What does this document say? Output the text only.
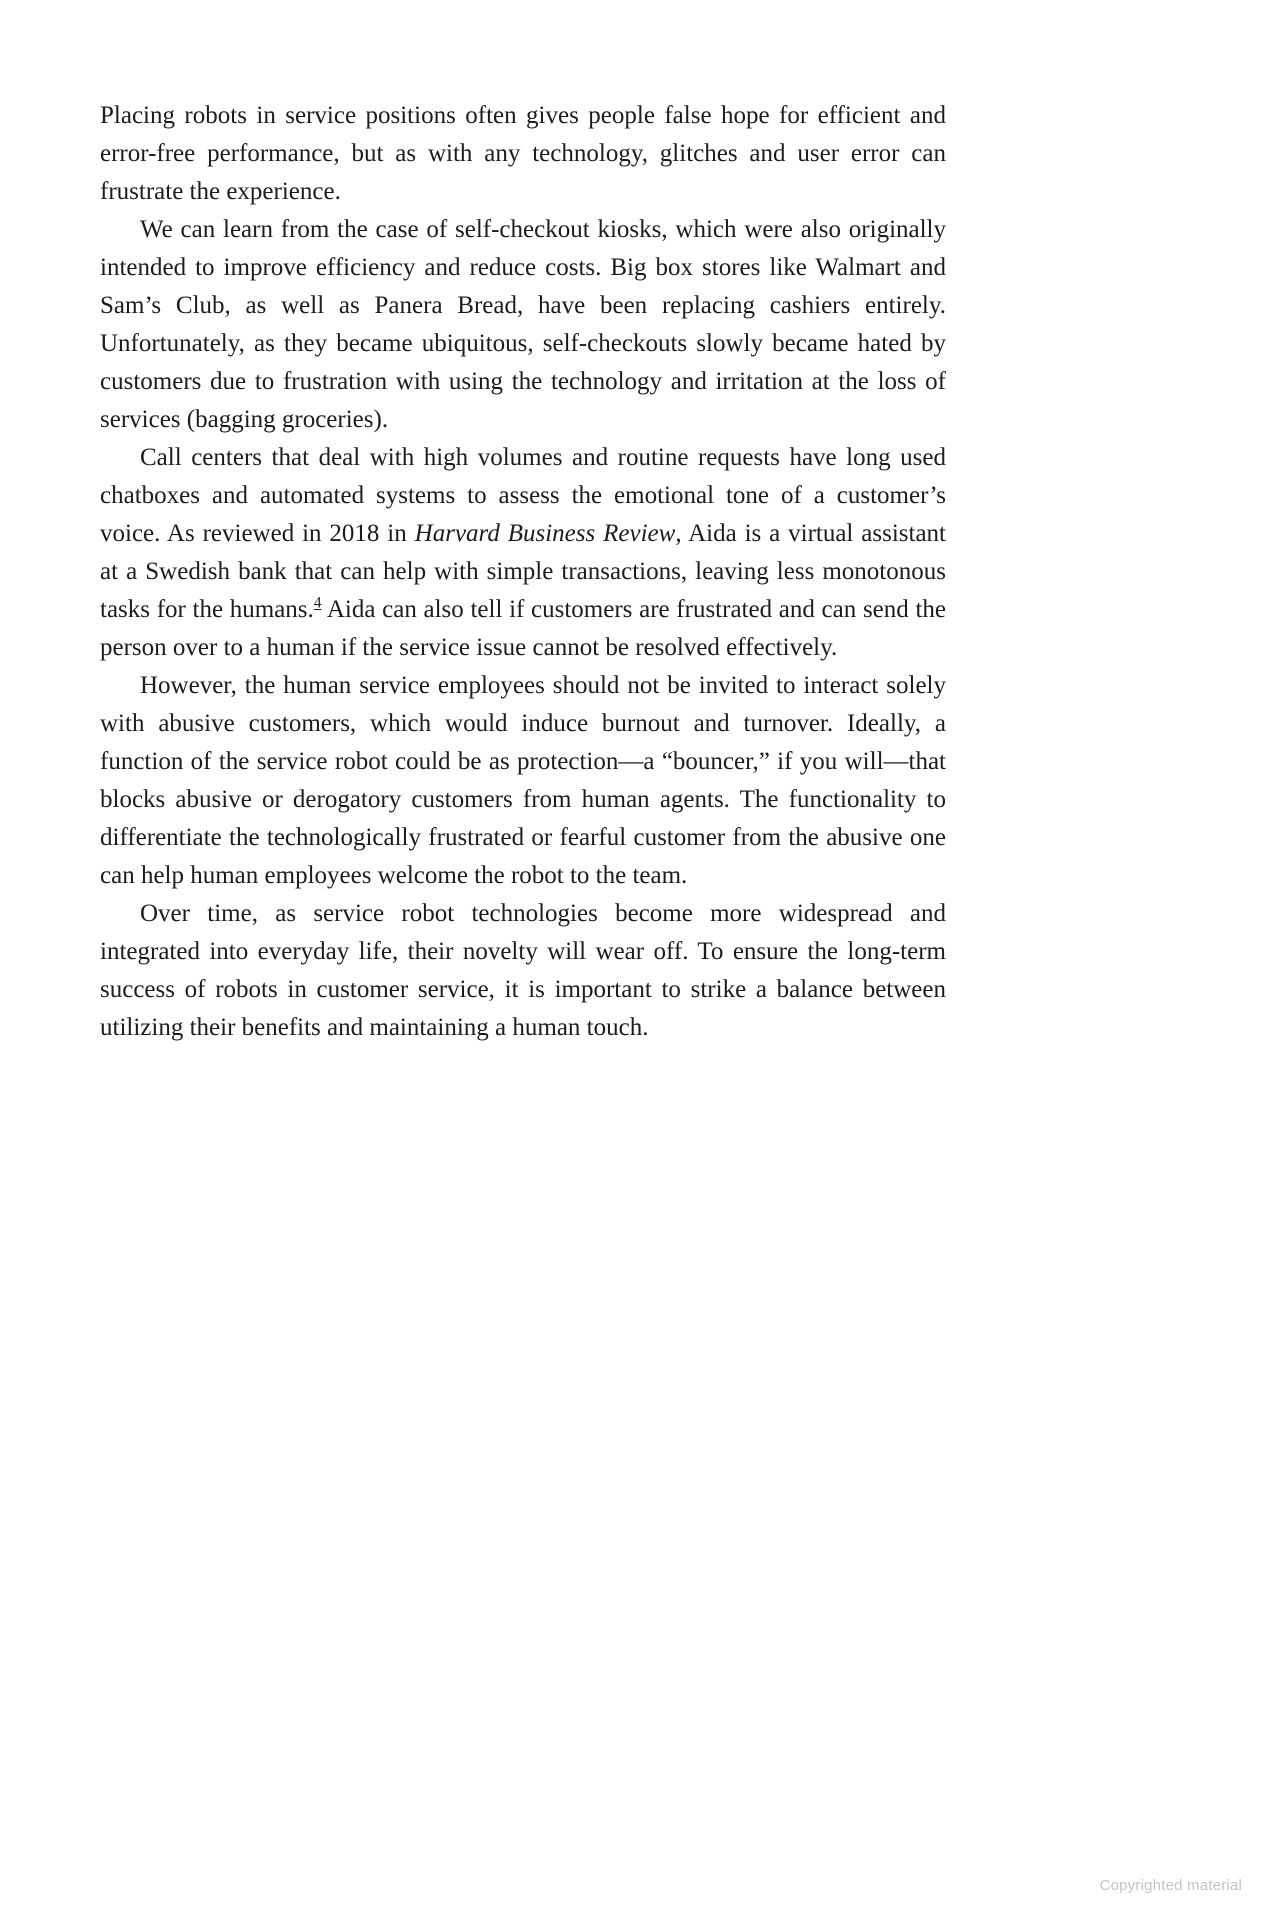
Placing robots in service positions often gives people false hope for efficient and error-free performance, but as with any technology, glitches and user error can frustrate the experience.

We can learn from the case of self-checkout kiosks, which were also originally intended to improve efficiency and reduce costs. Big box stores like Walmart and Sam’s Club, as well as Panera Bread, have been replacing cashiers entirely. Unfortunately, as they became ubiquitous, self-checkouts slowly became hated by customers due to frustration with using the technology and irritation at the loss of services (bagging groceries).

Call centers that deal with high volumes and routine requests have long used chatboxes and automated systems to assess the emotional tone of a customer’s voice. As reviewed in 2018 in Harvard Business Review, Aida is a virtual assistant at a Swedish bank that can help with simple transactions, leaving less monotonous tasks for the humans.$^4$ Aida can also tell if customers are frustrated and can send the person over to a human if the service issue cannot be resolved effectively.

However, the human service employees should not be invited to interact solely with abusive customers, which would induce burnout and turnover. Ideally, a function of the service robot could be as protection—a “bouncer,” if you will—that blocks abusive or derogatory customers from human agents. The functionality to differentiate the technologically frustrated or fearful customer from the abusive one can help human employees welcome the robot to the team.

Over time, as service robot technologies become more widespread and integrated into everyday life, their novelty will wear off. To ensure the long-term success of robots in customer service, it is important to strike a balance between utilizing their benefits and maintaining a human touch.

Copyrighted material
